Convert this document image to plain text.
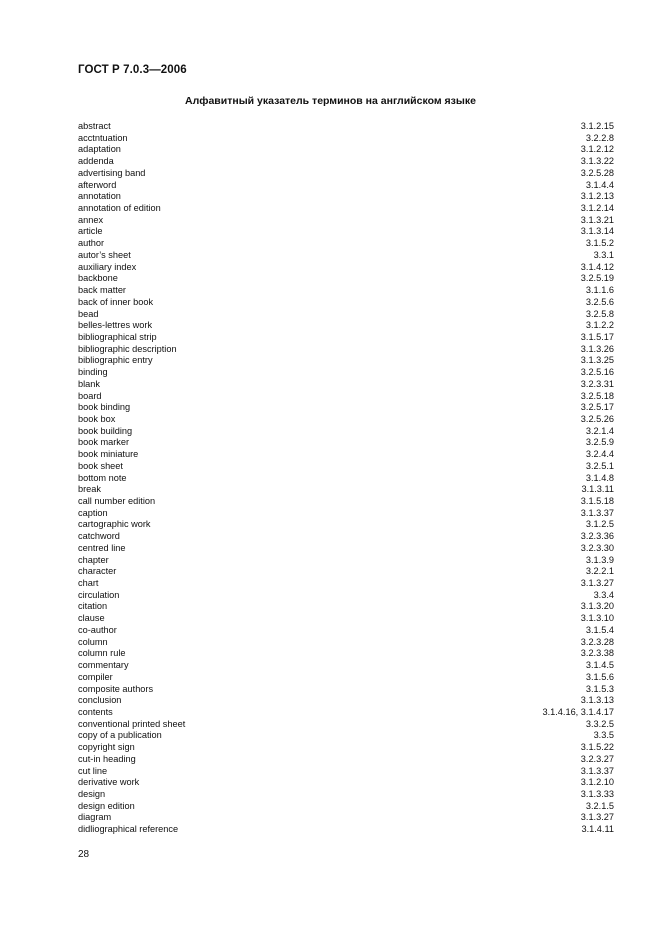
ГОСТ Р 7.0.3—2006
Алфавитный указатель терминов на английском языке
abstract	3.1.2.15
acctntuation	3.2.2.8
adaptation	3.1.2.12
addenda	3.1.3.22
advertising band	3.2.5.28
afterword	3.1.4.4
annotation	3.1.2.13
annotation of edition	3.1.2.14
annex	3.1.3.21
article	3.1.3.14
author	3.1.5.2
autor’s sheet	3.3.1
auxiliary index	3.1.4.12
backbone	3.2.5.19
back matter	3.1.1.6
back of inner book	3.2.5.6
bead	3.2.5.8
belles-lettres work	3.1.2.2
bibliographical strip	3.1.5.17
bibliographic description	3.1.3.26
bibliographic entry	3.1.3.25
binding	3.2.5.16
blank	3.2.3.31
board	3.2.5.18
book binding	3.2.5.17
book box	3.2.5.26
book building	3.2.1.4
book marker	3.2.5.9
book miniature	3.2.4.4
book sheet	3.2.5.1
bottom note	3.1.4.8
break	3.1.3.11
call number edition	3.1.5.18
caption	3.1.3.37
cartographic work	3.1.2.5
catchword	3.2.3.36
centred line	3.2.3.30
chapter	3.1.3.9
character	3.2.2.1
chart	3.1.3.27
circulation	3.3.4
citation	3.1.3.20
clause	3.1.3.10
co-author	3.1.5.4
column	3.2.3.28
column rule	3.2.3.38
commentary	3.1.4.5
compiler	3.1.5.6
composite authors	3.1.5.3
conclusion	3.1.3.13
contents	3.1.4.16, 3.1.4.17
conventional printed sheet	3.3.2.5
copy of a publication	3.3.5
copyright sign	3.1.5.22
cut-in heading	3.2.3.27
cut line	3.1.3.37
derivative work	3.1.2.10
design	3.1.3.33
design edition	3.2.1.5
diagram	3.1.3.27
didliographical reference	3.1.4.11
28
